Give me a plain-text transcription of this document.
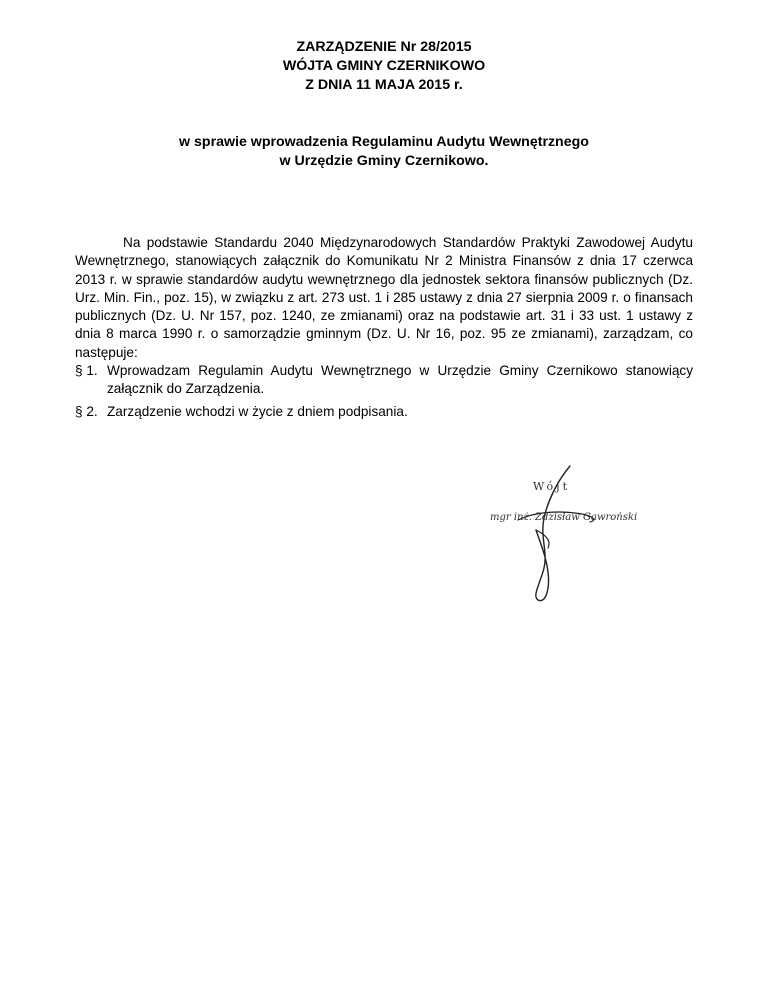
ZARZĄDZENIE Nr 28/2015
WÓJTA GMINY CZERNIKOWO
Z DNIA 11 MAJA 2015 r.
w sprawie wprowadzenia Regulaminu Audytu Wewnętrznego
w Urzędzie Gminy Czernikowo.

Na podstawie Standardu 2040 Międzynarodowych Standardów Praktyki Zawodowej Audytu Wewnętrznego, stanowiących załącznik do Komunikatu Nr 2 Ministra Finansów z dnia 17 czerwca 2013 r. w sprawie standardów audytu wewnętrznego dla jednostek sektora finansów publicznych (Dz. Urz. Min. Fin., poz. 15), w związku z art. 273 ust. 1 i 285 ustawy z dnia 27 sierpnia 2009 r. o finansach publicznych (Dz. U. Nr 157, poz. 1240, ze zmianami) oraz na podstawie art. 31 i 33 ust. 1 ustawy z dnia 8 marca 1990 r. o samorządzie gminnym (Dz. U. Nr 16, poz. 95 ze zmianami), zarządzam, co następuje:

§ 1. Wprowadzam Regulamin Audytu Wewnętrznego w Urzędzie Gminy Czernikowo stanowiący załącznik do Zarządzenia.
§ 2. Zarządzenie wchodzi w życie z dniem podpisania.
Wójt
mgr inż. Zdzisław Gawroński
